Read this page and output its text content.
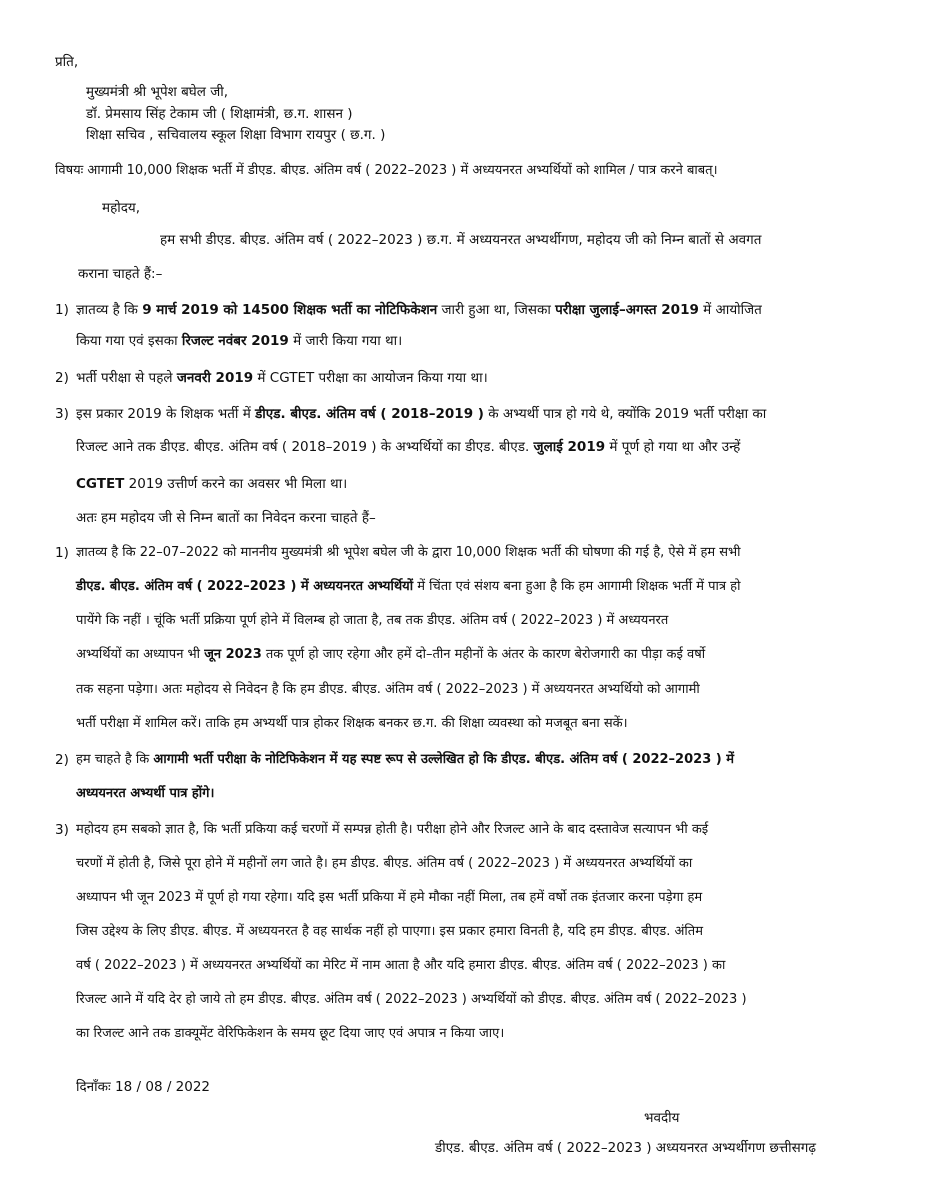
प्रति,
मुख्यमंत्री श्री भूपेश बघेल जी,
डॉ. प्रेमसाय सिंह टेकाम जी ( शिक्षामंत्री, छ.ग. शासन )
शिक्षा सचिव , सचिवालय स्कूल शिक्षा विभाग रायपुर ( छ.ग. )
विषयः आगामी 10,000 शिक्षक भर्ती में डीएड. बीएड. अंतिम वर्ष ( 2022–2023 ) में अध्ययनरत अभ्यर्थियों को शामिल / पात्र करने बाबत्।
महोदय,
हम सभी डीएड. बीएड. अंतिम वर्ष ( 2022–2023 ) छ.ग. में अध्ययनरत अभ्यर्थीगण, महोदय जी को निम्न बातों से अवगत
कराना चाहते हैं:–
1) ज्ञातव्य है कि 9 मार्च 2019 को 14500 शिक्षक भर्ती का नोटिफिकेशन जारी हुआ था, जिसका परीक्षा जुलाई–अगस्त 2019 में आयोजित
किया गया एवं इसका रिजल्ट नवंबर 2019 में जारी किया गया था।
2) भर्ती परीक्षा से पहले जनवरी 2019 में CGTET परीक्षा का आयोजन किया गया था।
3) इस प्रकार 2019 के शिक्षक भर्ती में डीएड. बीएड. अंतिम वर्ष ( 2018–2019 ) के अभ्यर्थी पात्र हो गये थे, क्योंकि 2019 भर्ती परीक्षा का
रिजल्ट आने तक डीएड. बीएड. अंतिम वर्ष ( 2018–2019 ) के अभ्यर्थियों का डीएड. बीएड. जुलाई 2019 में पूर्ण हो गया था और उन्हें
CGTET 2019 उत्तीर्ण करने का अवसर भी मिला था।
अतः हम महोदय जी से निम्न बातों का निवेदन करना चाहते हैं–
1) ज्ञातव्य है कि 22–07–2022 को माननीय मुख्यमंत्री श्री भूपेश बघेल जी के द्वारा 10,000 शिक्षक भर्ती की घोषणा की गई है, ऐसे में हम सभी
डीएड. बीएड. अंतिम वर्ष ( 2022–2023 ) में अध्ययनरत अभ्यर्थियों में चिंता एवं संशय बना हुआ है कि हम आगामी शिक्षक भर्ती में पात्र हो
पायेंगे कि नहीं । चूंकि भर्ती प्रक्रिया पूर्ण होने में विलम्ब हो जाता है, तब तक डीएड. अंतिम वर्ष ( 2022–2023 ) में अध्ययनरत
अभ्यर्थियों का अध्यापन भी जून 2023 तक पूर्ण हो जाए रहेगा और हमें दो–तीन महीनों के अंतर के कारण बेरोजगारी का पीड़ा कई वर्षो
तक सहना पड़ेगा। अतः महोदय से निवेदन है कि हम डीएड. बीएड. अंतिम वर्ष ( 2022–2023 ) में अध्ययनरत अभ्यर्थियो को आगामी
भर्ती परीक्षा में शामिल करें। ताकि हम अभ्यर्थी पात्र होकर शिक्षक बनकर छ.ग. की शिक्षा व्यवस्था को मजबूत बना सकें।
2) हम चाहते है कि आगामी भर्ती परीक्षा के नोटिफिकेशन में यह स्पष्ट रूप से उल्लेखित हो कि डीएड. बीएड. अंतिम वर्ष ( 2022–2023 ) में
अध्ययनरत अभ्यर्थी पात्र होंगे।
3) महोदय हम सबको ज्ञात है, कि भर्ती प्रकिया कई चरणों में सम्पन्न होती है। परीक्षा होने और रिजल्ट आने के बाद दस्तावेज सत्यापन भी कई
चरणों में होती है, जिसे पूरा होने में महीनों लग जाते है। हम डीएड. बीएड. अंतिम वर्ष ( 2022–2023 ) में अध्ययनरत अभ्यर्थियों का
अध्यापन भी जून 2023 में पूर्ण हो गया रहेगा। यदि इस भर्ती प्रकिया में हमे मौका नहीं मिला, तब हमें वर्षो तक इंतजार करना पड़ेगा हम
जिस उद्देश्य के लिए डीएड. बीएड. में अध्ययनरत है वह सार्थक नहीं हो पाएगा। इस प्रकार हमारा विनती है, यदि हम डीएड. बीएड. अंतिम
वर्ष ( 2022–2023 ) में अध्ययनरत अभ्यर्थियों का मेरिट में नाम आता है और यदि हमारा डीएड. बीएड. अंतिम वर्ष ( 2022–2023 ) का
रिजल्ट आने में यदि देर हो जाये तो हम डीएड. बीएड. अंतिम वर्ष ( 2022–2023 ) अभ्यर्थियों को डीएड. बीएड. अंतिम वर्ष ( 2022–2023 )
का रिजल्ट आने तक डाक्यूमेंट वेरिफिकेशन के समय छूट दिया जाए एवं अपात्र न किया जाए।
दिनाँकः 18 / 08 / 2022
भवदीय
डीएड. बीएड. अंतिम वर्ष ( 2022–2023 ) अध्ययनरत अभ्यर्थीगण छत्तीसगढ़
